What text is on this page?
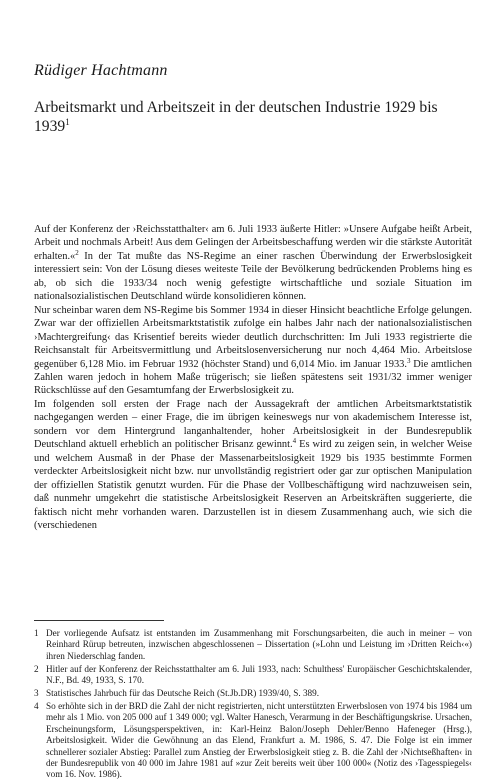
Rüdiger Hachtmann
Arbeitsmarkt und Arbeitszeit in der deutschen Industrie 1929 bis 1939$^1$

Auf der Konferenz der ›Reichsstatthalter‹ am 6. Juli 1933 äußerte Hitler: »Unsere Aufgabe heißt Arbeit, Arbeit und nochmals Arbeit! Aus dem Gelingen der Arbeitsbeschaffung werden wir die stärkste Autorität erhalten.«$^2$ In der Tat mußte das NS-Regime an einer raschen Überwindung der Erwerbslosigkeit interessiert sein: Von der Lösung dieses weiteste Teile der Bevölkerung bedrückenden Problems hing es ab, ob sich die 1933/34 noch wenig gefestigte wirtschaftliche und soziale Situation im nationalsozialistischen Deutschland würde konsolidieren können.

Nur scheinbar waren dem NS-Regime bis Sommer 1934 in dieser Hinsicht beachtliche Erfolge gelungen. Zwar war der offiziellen Arbeitsmarktstatistik zufolge ein halbes Jahr nach der nationalsozialistischen ›Machtergreifung‹ das Krisentief bereits wieder deutlich durchschritten: Im Juli 1933 registrierte die Reichsanstalt für Arbeitsvermittlung und Arbeitslosenversicherung nur noch 4,464 Mio. Arbeitslose gegenüber 6,128 Mio. im Februar 1932 (höchster Stand) und 6,014 Mio. im Januar 1933.$^3$ Die amtlichen Zahlen waren jedoch in hohem Maße trügerisch; sie ließen spätestens seit 1931/32 immer weniger Rückschlüsse auf den Gesamtumfang der Erwerbslosigkeit zu.

Im folgenden soll ersten der Frage nach der Aussagekraft der amtlichen Arbeitsmarktstatistik nachgegangen werden – einer Frage, die im übrigen keineswegs nur von akademischem Interesse ist, sondern vor dem Hintergrund langanhaltender, hoher Arbeitslosigkeit in der Bundesrepublik Deutschland aktuell erheblich an politischer Brisanz gewinnt.$^4$ Es wird zu zeigen sein, in welcher Weise und welchem Ausmaß in der Phase der Massenarbeitslosigkeit 1929 bis 1935 bestimmte Formen verdeckter Arbeitslosigkeit nicht bzw. nur unvollständig registriert oder gar zur optischen Manipulation der offiziellen Statistik genutzt wurden. Für die Phase der Vollbeschäftigung wird nachzuweisen sein, daß nunmehr umgekehrt die statistische Arbeitslosigkeit Reserven an Arbeitskräften suggerierte, die faktisch nicht mehr vorhanden waren. Darzustellen ist in diesem Zusammenhang auch, wie sich die (verschiedenen

1 Der vorliegende Aufsatz ist entstanden im Zusammenhang mit Forschungsarbeiten, die auch in meiner – von Reinhard Rürup betreuten, inzwischen abgeschlossenen – Dissertation (»Lohn und Leistung im ›Dritten Reich‹«) ihren Niederschlag fanden.
2 Hitler auf der Konferenz der Reichsstatthalter am 6. Juli 1933, nach: Schulthess' Europäischer Geschichtskalender, N.F., Bd. 49, 1933, S. 170.
3 Statistisches Jahrbuch für das Deutsche Reich (St.Jb.DR) 1939/40, S. 389.
4 So erhöhte sich in der BRD die Zahl der nicht registrierten, nicht unterstützten Erwerbslosen von 1974 bis 1984 um mehr als 1 Mio. von 205 000 auf 1 349 000; vgl. Walter Hanesch, Verarmung in der Beschäftigungskrise. Ursachen, Erscheinungsform, Lösungsperspektiven, in: Karl-Heinz Balon/Joseph Dehler/Benno Hafeneger (Hrsg.), Arbeitslosigkeit. Wider die Gewöhnung an das Elend, Frankfurt a. M. 1986, S. 47. Die Folge ist ein immer schnellerer sozialer Abstieg: Parallel zum Anstieg der Erwerbslosigkeit stieg z. B. die Zahl der ›Nichtseßhaften‹ in der Bundesrepublik von 40 000 im Jahre 1981 auf »zur Zeit bereits weit über 100 000« (Notiz des ›Tagesspiegels‹ vom 16. Nov. 1986).
